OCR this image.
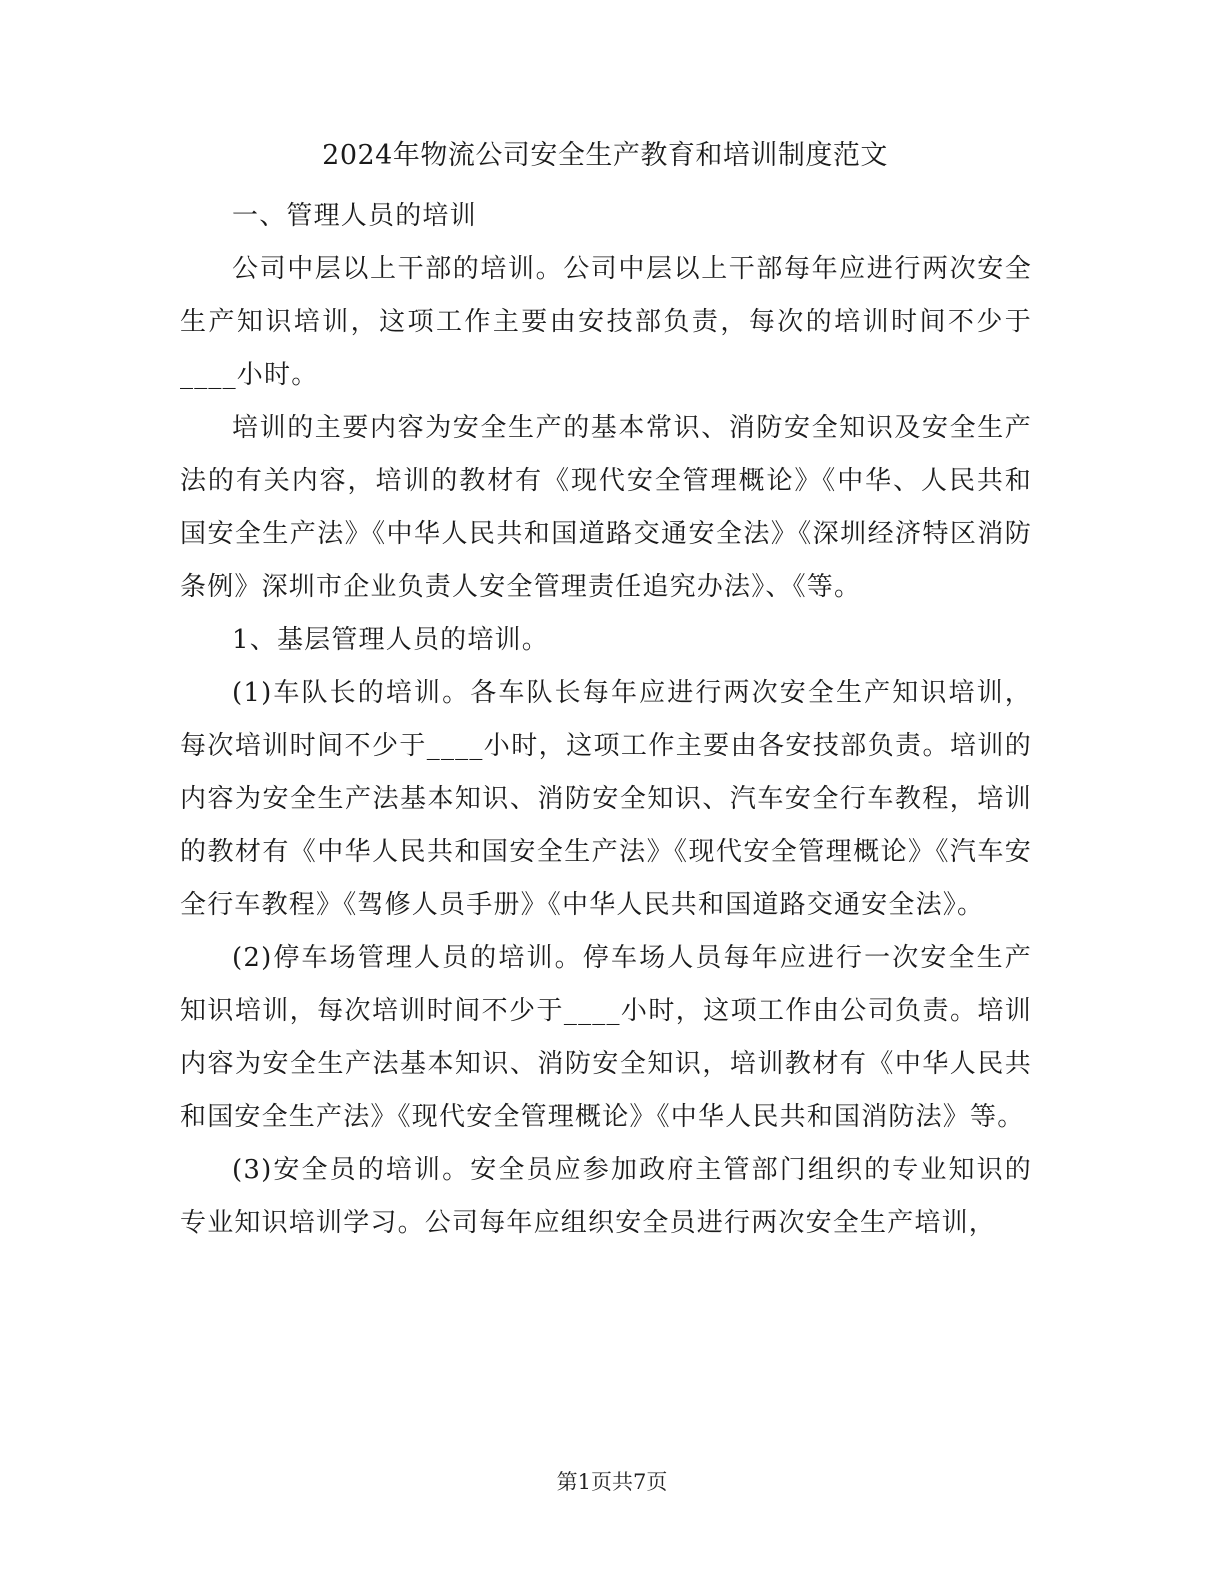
2024年物流公司安全生产教育和培训制度范文

一、管理人员的培训

公司中层以上干部的培训。公司中层以上干部每年应进行两次安全生产知识培训，这项工作主要由安技部负责，每次的培训时间不少于____小时。

培训的主要内容为安全生产的基本常识、消防安全知识及安全生产法的有关内容，培训的教材有《现代安全管理概论》《中华、人民共和国安全生产法》《中华人民共和国道路交通安全法》《深圳经济特区消防条例》深圳市企业负责人安全管理责任追究办法》、《等。

1、基层管理人员的培训。

(1)车队长的培训。各车队长每年应进行两次安全生产知识培训，每次培训时间不少于____小时，这项工作主要由各安技部负责。培训的内容为安全生产法基本知识、消防安全知识、汽车安全行车教程，培训的教材有《中华人民共和国安全生产法》《现代安全管理概论》《汽车安全行车教程》《驾修人员手册》《中华人民共和国道路交通安全法》。

(2)停车场管理人员的培训。停车场人员每年应进行一次安全生产知识培训，每次培训时间不少于____小时，这项工作由公司负责。培训内容为安全生产法基本知识、消防安全知识，培训教材有《中华人民共和国安全生产法》《现代安全管理概论》《中华人民共和国消防法》等。

(3)安全员的培训。安全员应参加政府主管部门组织的专业知识的专业知识培训学习。公司每年应组织安全员进行两次安全生产培训，

第1页共7页
